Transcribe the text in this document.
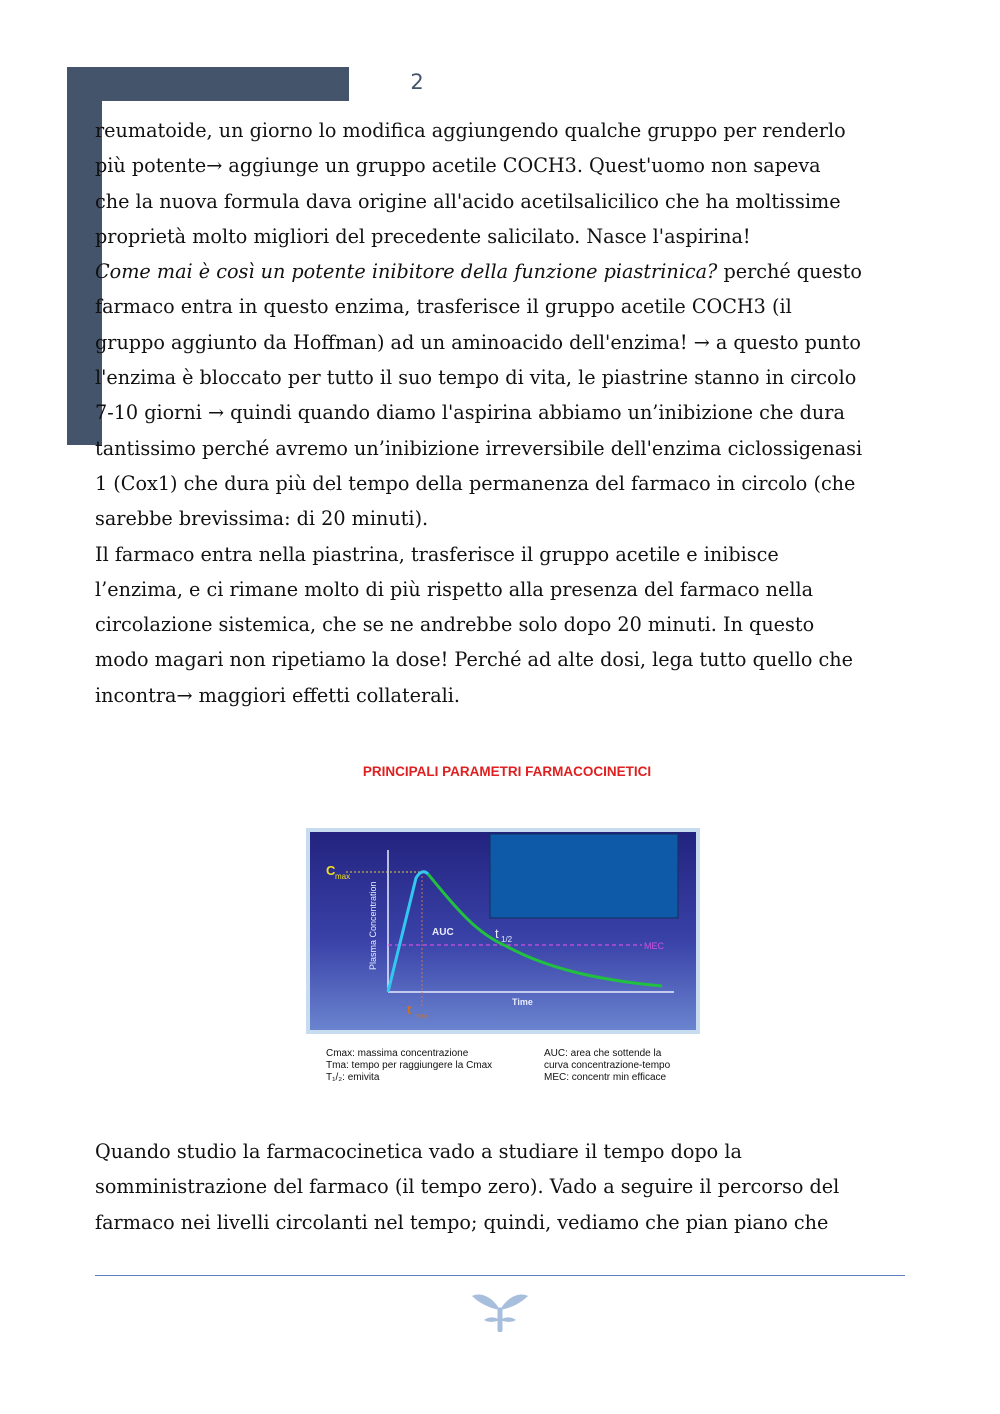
2
reumatoide, un giorno lo modifica aggiungendo qualche gruppo per renderlo
più potente→ aggiunge un gruppo acetile COCH3. Quest'uomo non sapeva
che la nuova formula dava origine all'acido acetilsalicilico che ha moltissime
proprietà molto migliori del precedente salicilato. Nasce l'aspirina!
Come mai è così un potente inibitore della funzione piastrinica? perché questo
farmaco entra in questo enzima, trasferisce il gruppo acetile COCH3 (il
gruppo aggiunto da Hoffman) ad un aminoacido dell'enzima! → a questo punto
l'enzima è bloccato per tutto il suo tempo di vita, le piastrine stanno in circolo
7-10 giorni → quindi quando diamo l'aspirina abbiamo un’inibizione che dura
tantissimo perché avremo un’inibizione irreversibile dell'enzima ciclossigenasi
1 (Cox1) che dura più del tempo della permanenza del farmaco in circolo (che
sarebbe brevissima: di 20 minuti).
Il farmaco entra nella piastrina, trasferisce il gruppo acetile e inibisce
l’enzima, e ci rimane molto di più rispetto alla presenza del farmaco nella
circolazione sistemica, che se ne andrebbe solo dopo 20 minuti. In questo
modo magari non ripetiamo la dose! Perché ad alte dosi, lega tutto quello che
incontra→ maggiori effetti collaterali.
PRINCIPALI PARAMETRI FARMACOCINETICI
C max
Plasma Concentration
Time
AUC	t 1/2
MEC
t max
Cmax: massima concentrazione
Tma: tempo per raggiungere la Cmax
T₁/₂: emivita
AUC: area che sottende la
curva concentrazione-tempo
MEC: concentr min efficace
Quando studio la farmacocinetica vado a studiare il tempo dopo la
somministrazione del farmaco (il tempo zero). Vado a seguire il percorso del
farmaco nei livelli circolanti nel tempo; quindi, vediamo che pian piano che
